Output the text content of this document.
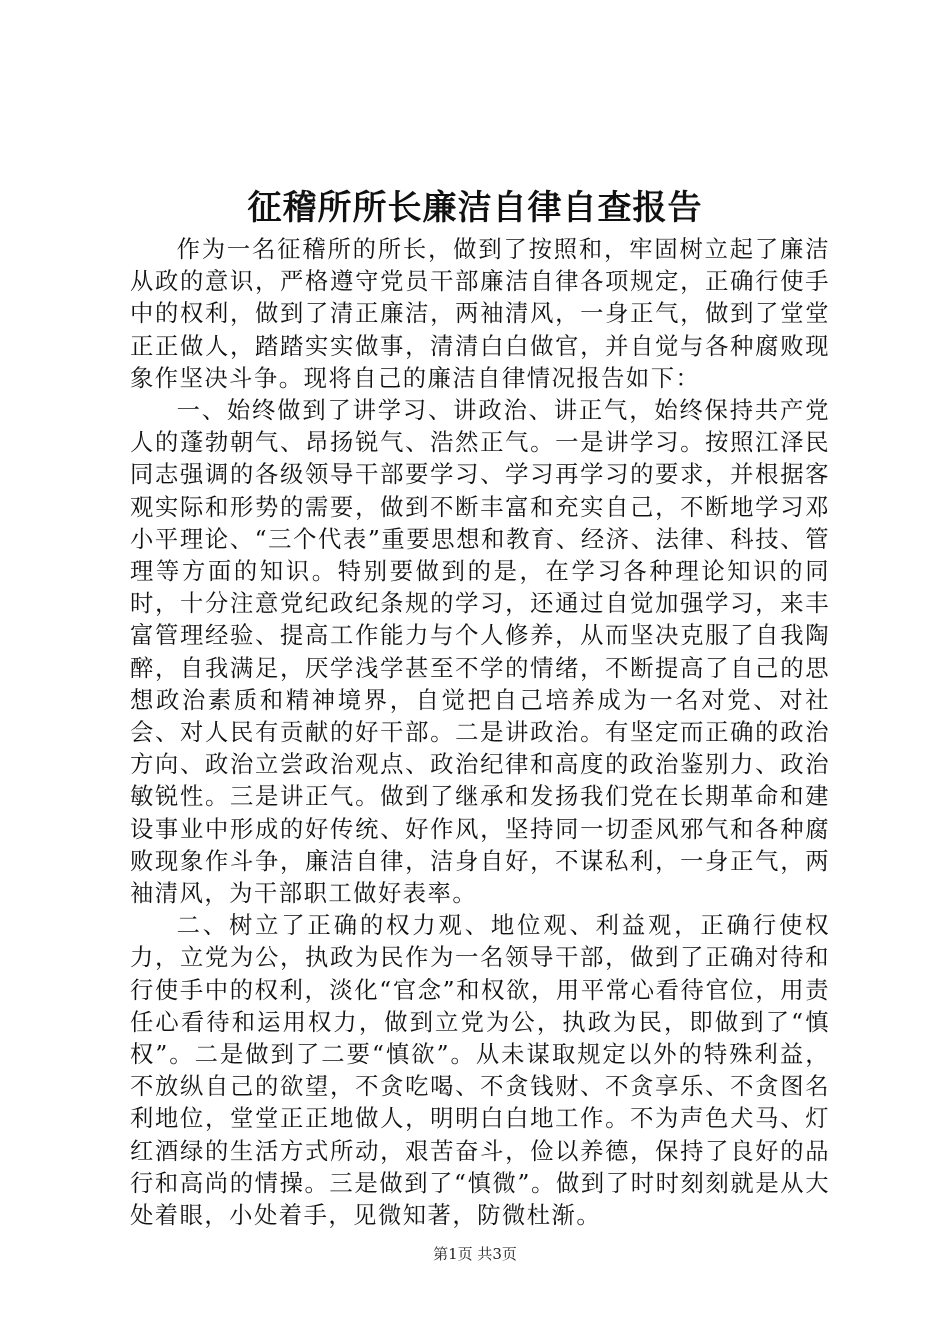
征稽所所长廉洁自律自查报告

作为一名征稽所的所长，做到了按照和，牢固树立起了廉洁从政的意识，严格遵守党员干部廉洁自律各项规定，正确行使手中的权利，做到了清正廉洁，两袖清风，一身正气，做到了堂堂正正做人，踏踏实实做事，清清白白做官，并自觉与各种腐败现象作坚决斗争。现将自己的廉洁自律情况报告如下：

一、始终做到了讲学习、讲政治、讲正气，始终保持共产党人的蓬勃朝气、昂扬锐气、浩然正气。一是讲学习。按照江泽民同志强调的各级领导干部要学习、学习再学习的要求，并根据客观实际和形势的需要，做到不断丰富和充实自己，不断地学习邓小平理论、“三个代表”重要思想和教育、经济、法律、科技、管理等方面的知识。特别要做到的是，在学习各种理论知识的同时，十分注意党纪政纪条规的学习，还通过自觉加强学习，来丰富管理经验、提高工作能力与个人修养，从而坚决克服了自我陶醉，自我满足，厌学浅学甚至不学的情绪，不断提高了自己的思想政治素质和精神境界，自觉把自己培养成为一名对党、对社会、对人民有贡献的好干部。二是讲政治。有坚定而正确的政治方向、政治立尝政治观点、政治纪律和高度的政治鉴别力、政治敏锐性。三是讲正气。做到了继承和发扬我们党在长期革命和建设事业中形成的好传统、好作风，坚持同一切歪风邪气和各种腐败现象作斗争，廉洁自律，洁身自好，不谋私利，一身正气，两袖清风，为干部职工做好表率。

二、树立了正确的权力观、地位观、利益观，正确行使权力，立党为公，执政为民作为一名领导干部，做到了正确对待和行使手中的权利，淡化“官念”和权欲，用平常心看待官位，用责任心看待和运用权力，做到立党为公，执政为民，即做到了“慎权”。二是做到了二要“慎欲”。从未谋取规定以外的特殊利益，不放纵自己的欲望，不贪吃喝、不贪钱财、不贪享乐、不贪图名利地位，堂堂正正地做人，明明白白地工作。不为声色犬马、灯红酒绿的生活方式所动，艰苦奋斗，俭以养德，保持了良好的品行和高尚的情操。三是做到了“慎微”。做到了时时刻刻就是从大处着眼，小处着手，见微知著，防微杜渐。

第1页 共3页
